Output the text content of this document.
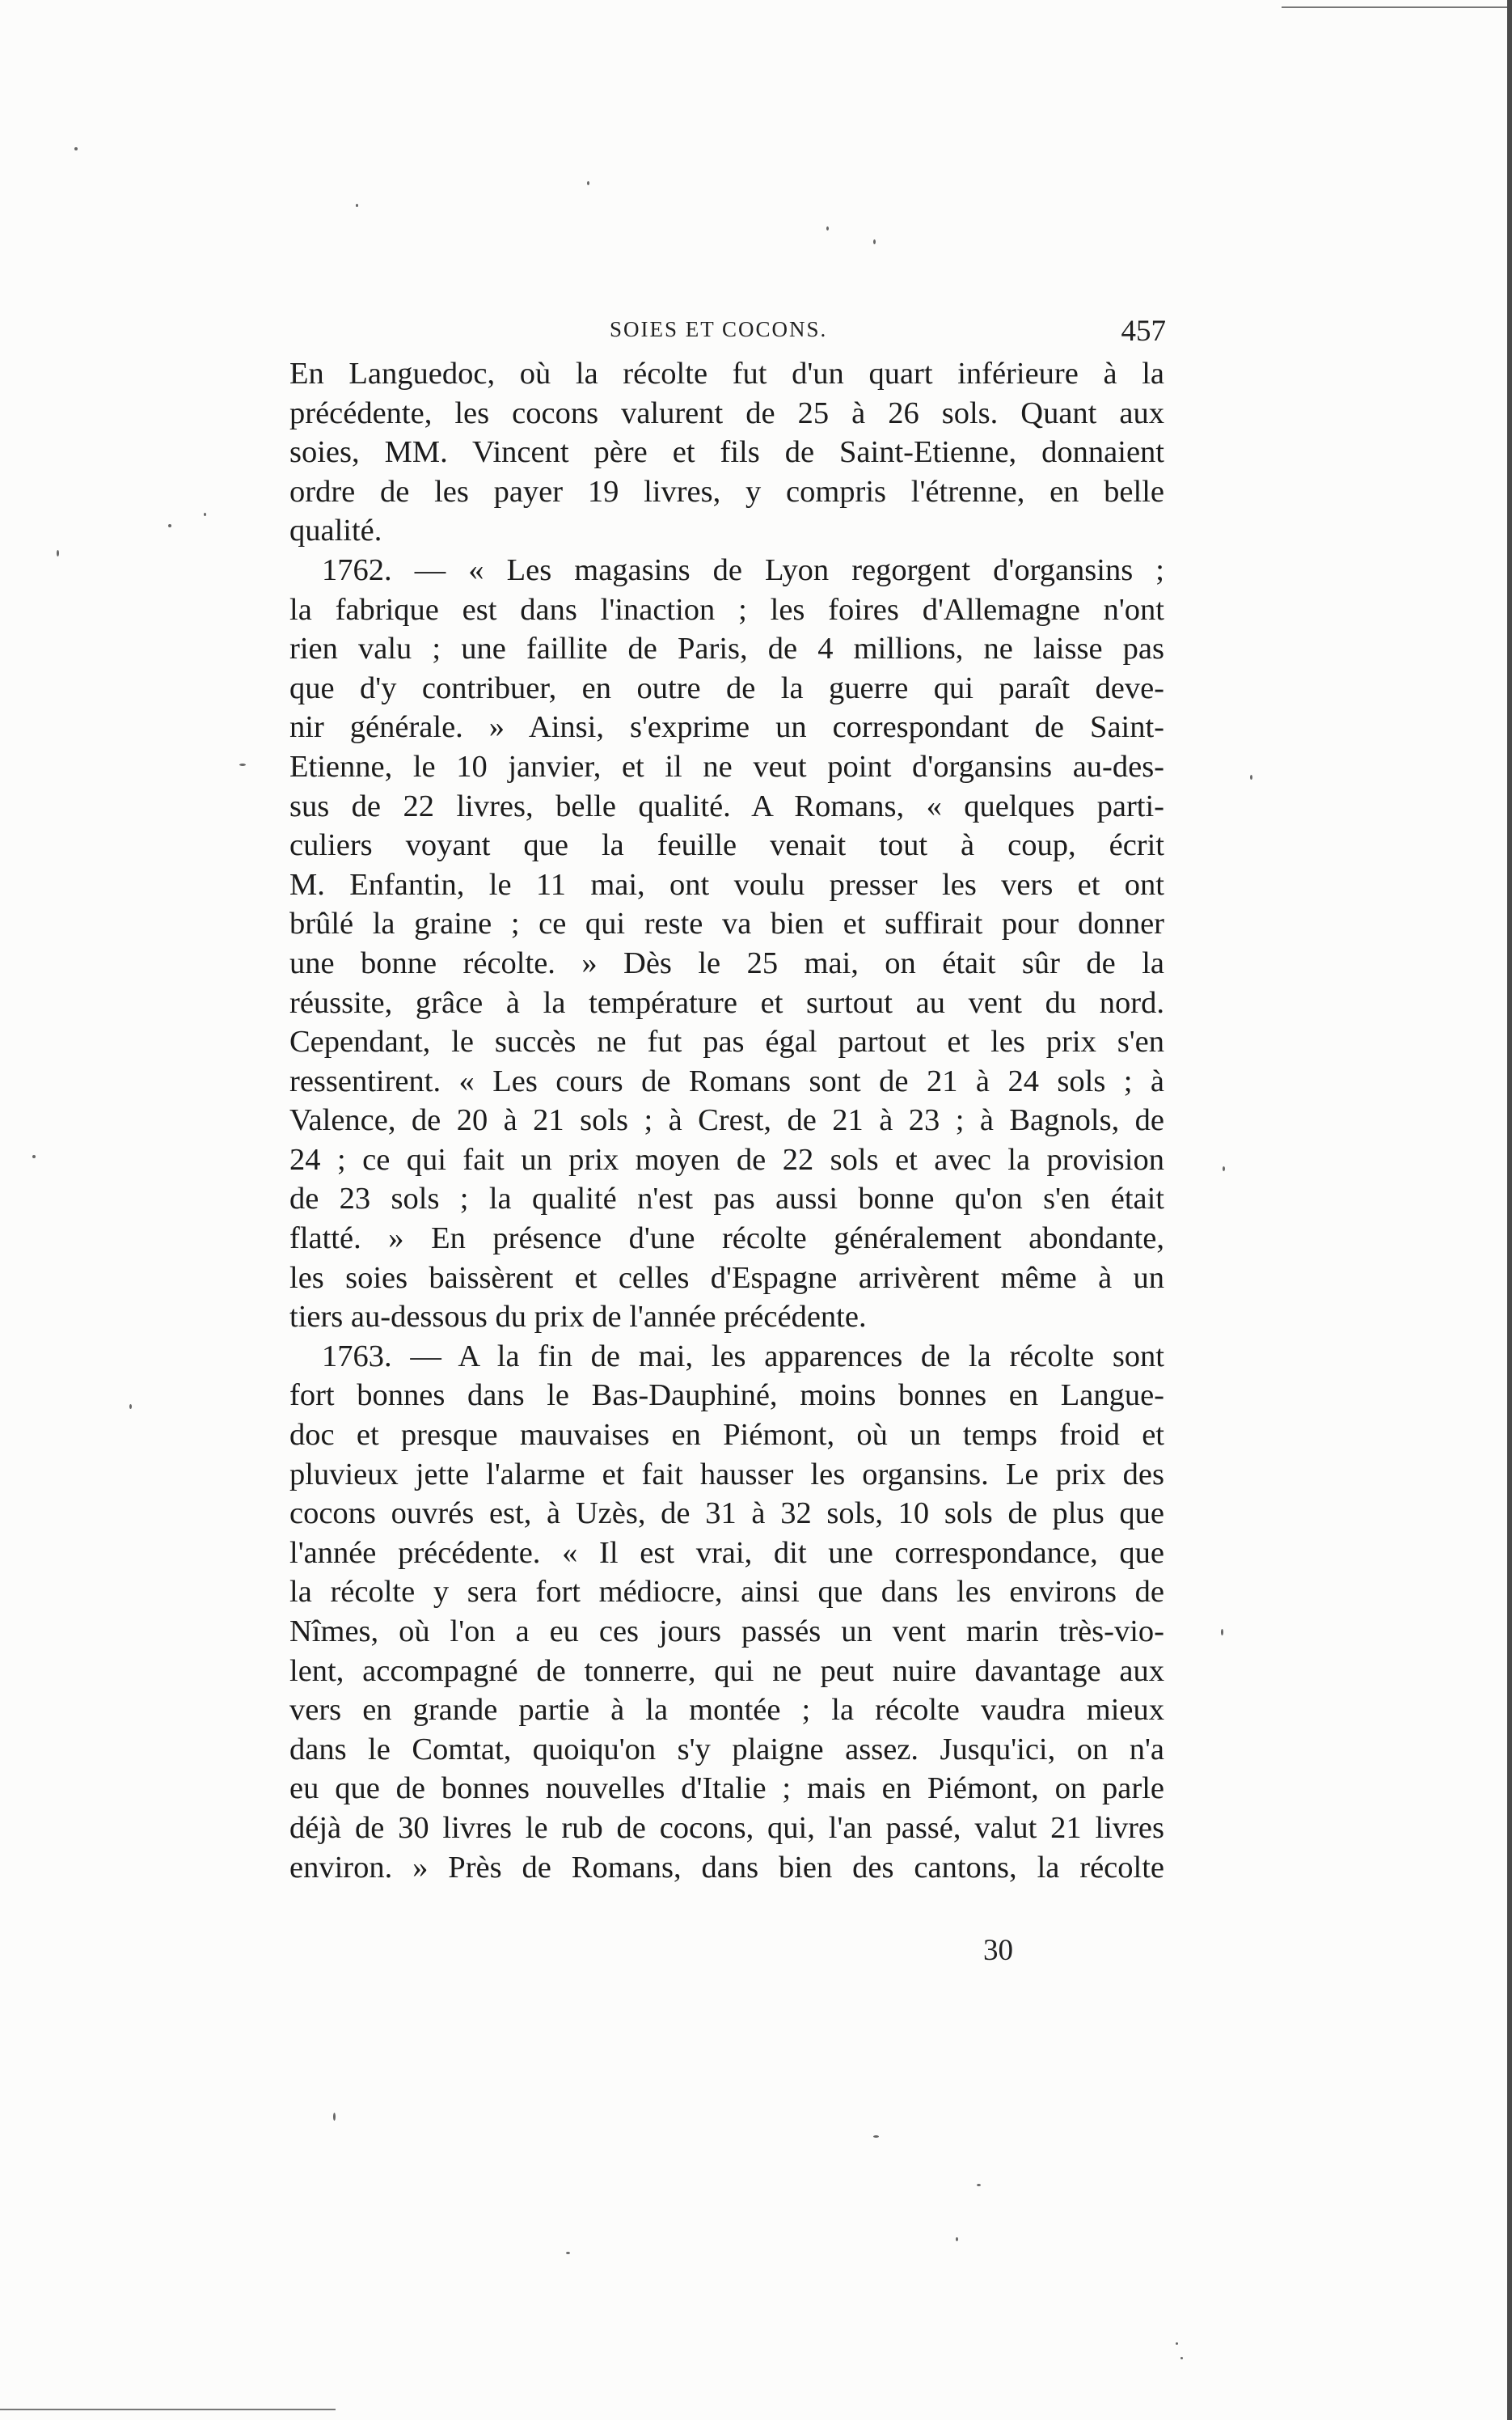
SOIES ET COCONS.	457
En Languedoc, où la récolte fut d'un quart inférieure à la
précédente, les cocons valurent de 25 à 26 sols. Quant aux
soies, MM. Vincent père et fils de Saint-Etienne, donnaient
ordre de les payer 19 livres, y compris l'étrenne, en belle
qualité.
1762. — « Les magasins de Lyon regorgent d'organsins ;
la fabrique est dans l'inaction ; les foires d'Allemagne n'ont
rien valu ; une faillite de Paris, de 4 millions, ne laisse pas
que d'y contribuer, en outre de la guerre qui paraît deve-
nir générale. » Ainsi, s'exprime un correspondant de Saint-
Etienne, le 10 janvier, et il ne veut point d'organsins au-des-
sus de 22 livres, belle qualité. A Romans, « quelques parti-
culiers voyant que la feuille venait tout à coup, écrit
M. Enfantin, le 11 mai, ont voulu presser les vers et ont
brûlé la graine ; ce qui reste va bien et suffirait pour donner
une bonne récolte. » Dès le 25 mai, on était sûr de la
réussite, grâce à la température et surtout au vent du nord.
Cependant, le succès ne fut pas égal partout et les prix s'en
ressentirent. « Les cours de Romans sont de 21 à 24 sols ; à
Valence, de 20 à 21 sols ; à Crest, de 21 à 23 ; à Bagnols, de
24 ; ce qui fait un prix moyen de 22 sols et avec la provision
de 23 sols ; la qualité n'est pas aussi bonne qu'on s'en était
flatté. » En présence d'une récolte généralement abondante,
les soies baissèrent et celles d'Espagne arrivèrent même à un
tiers au-dessous du prix de l'année précédente.
1763. — A la fin de mai, les apparences de la récolte sont
fort bonnes dans le Bas-Dauphiné, moins bonnes en Langue-
doc et presque mauvaises en Piémont, où un temps froid et
pluvieux jette l'alarme et fait hausser les organsins. Le prix des
cocons ouvrés est, à Uzès, de 31 à 32 sols, 10 sols de plus que
l'année précédente. « Il est vrai, dit une correspondance, que
la récolte y sera fort médiocre, ainsi que dans les environs de
Nîmes, où l'on a eu ces jours passés un vent marin très-vio-
lent, accompagné de tonnerre, qui ne peut nuire davantage aux
vers en grande partie à la montée ; la récolte vaudra mieux
dans le Comtat, quoiqu'on s'y plaigne assez. Jusqu'ici, on n'a
eu que de bonnes nouvelles d'Italie ; mais en Piémont, on parle
déjà de 30 livres le rub de cocons, qui, l'an passé, valut 21 livres
environ. » Près de Romans, dans bien des cantons, la récolte
30
